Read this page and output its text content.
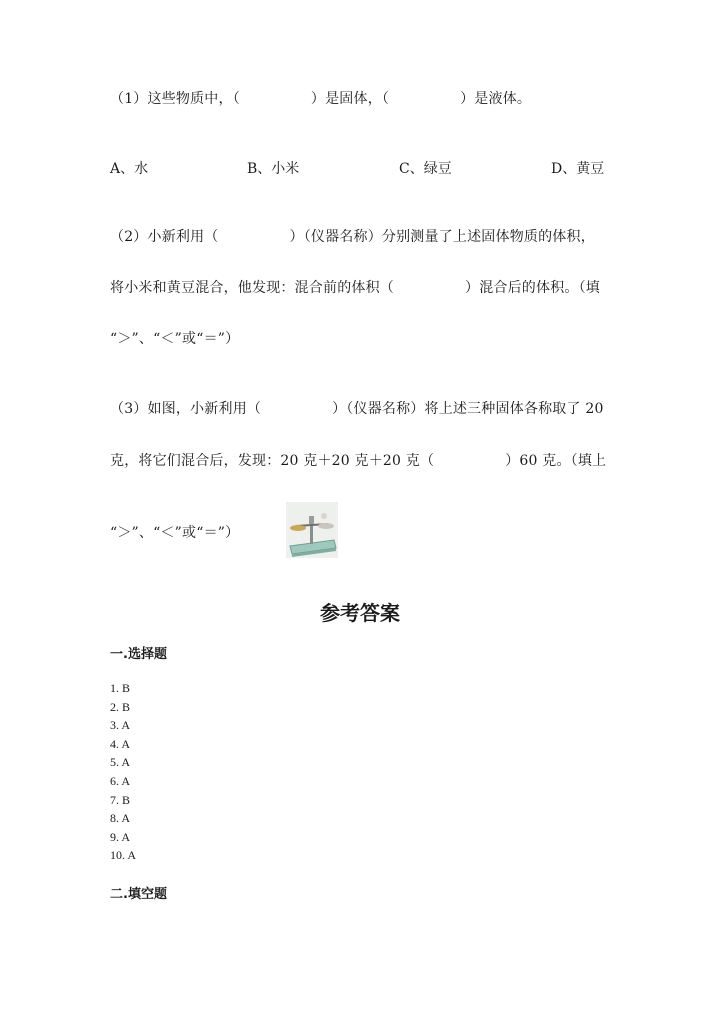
（1）这些物质中，（　　　　　）是固体，（　　　　　）是液体。
A、水	B、小米	C、绿豆	D、黄豆
（2）小新利用（　　　　　）（仪器名称）分别测量了上述固体物质的体积，
将小米和黄豆混合，他发现：混合前的体积（　　　　　）混合后的体积。（填
“＞”、“＜”或“＝”）
（3）如图，小新利用（　　　　　）（仪器名称）将上述三种固体各称取了 20
克，将它们混合后，发现：20 克＋20 克＋20 克（　　　　　）60 克。（填上
“＞”、“＜”或“＝”）
参考答案
一.选择题
1. B
2. B
3. A
4. A
5. A
6. A
7. B
8. A
9. A
10. A
二.填空题
